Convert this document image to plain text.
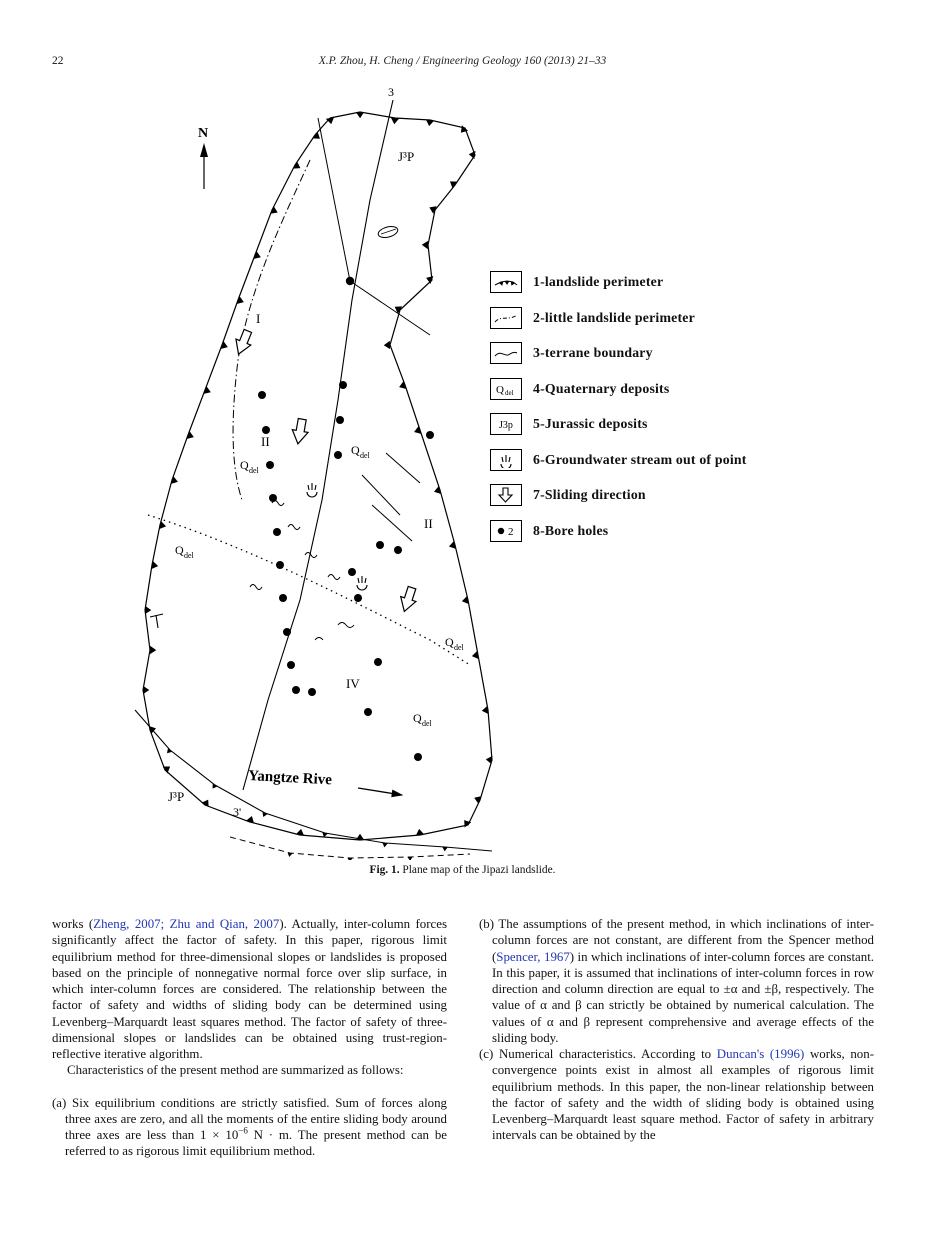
22	X.P. Zhou, H. Cheng / Engineering Geology 160 (2013) 21–33
3
3'
N
J³P
J³P
I
II
II
IV
Q del
Q del
Q del
Q del
Q del
Yangtze Rive
1-landslide perimeter
2-little landslide perimeter
3-terrane boundary
Q del 4-Quaternary deposits
J3p 5-Jurassic deposits
6-Groundwater stream out of point
7-Sliding direction
2 8-Bore holes
Fig. 1. Plane map of the Jipazi landslide.

works (Zheng, 2007; Zhu and Qian, 2007). Actually, inter-column forces significantly affect the factor of safety. In this paper, rigorous limit equilibrium method for three-dimensional slopes or landslides is proposed based on the principle of nonnegative normal force over slip surface, in which inter-column forces are considered. The relationship between the factor of safety and widths of sliding body can be determined using Levenberg–Marquardt least squares method. The factor of safety of three-dimensional slopes or landslides can be obtained using trust-region-reflective iterative algorithm.

Characteristics of the present method are summarized as follows:

(a) Six equilibrium conditions are strictly satisfied. Sum of forces along three axes are zero, and all the moments of the entire sliding body around three axes are less than $1 \times 10^{-6}$ N · m. The present method can be referred to as rigorous limit equilibrium method.

(b) The assumptions of the present method, in which inclinations of inter-column forces are not constant, are different from the Spencer method (Spencer, 1967) in which inclinations of inter-column forces are constant. In this paper, it is assumed that inclinations of inter-column forces in row direction and column direction are equal to ±α and ±β, respectively. The value of α and β can strictly be obtained by numerical calculation. The values of α and β represent comprehensive and average effects of the sliding body.

(c) Numerical characteristics. According to Duncan's (1996) works, non-convergence points exist in almost all examples of rigorous limit equilibrium methods. In this paper, the non-linear relationship between the factor of safety and the width of sliding body is obtained using Levenberg–Marquardt least square method. Factor of safety in arbitrary intervals can be obtained by the
